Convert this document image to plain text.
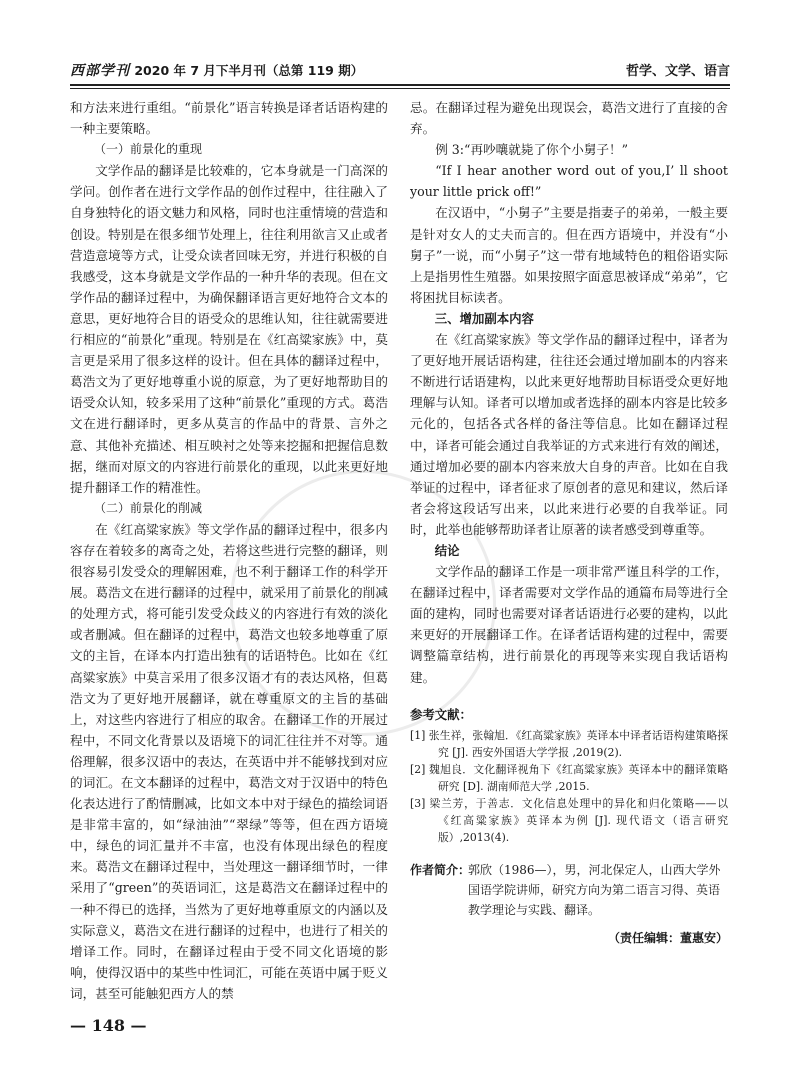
西部学刊 2020 年 7 月下半月刊（总第 119 期）	哲学、文学、语言

和方法来进行重组。“前景化”语言转换是译者话语构建的一种主要策略。

（一）前景化的重现

文学作品的翻译是比较难的，它本身就是一门高深的学问。创作者在进行文学作品的创作过程中，往往融入了自身独特化的语文魅力和风格，同时也注重情境的营造和创设。特别是在很多细节处理上，往往利用欲言又止或者营造意境等方式，让受众读者回味无穷，并进行积极的自我感受，这本身就是文学作品的一种升华的表现。但在文学作品的翻译过程中，为确保翻译语言更好地符合文本的意思，更好地符合目的语受众的思维认知，往往就需要进行相应的“前景化”重现。特别是在《红高粱家族》中，莫言更是采用了很多这样的设计。但在具体的翻译过程中，葛浩文为了更好地尊重小说的原意，为了更好地帮助目的语受众认知，较多采用了这种“前景化”重现的方式。葛浩文在进行翻译时，更多从莫言的作品中的背景、言外之意、其他补充描述、相互映衬之处等来挖掘和把握信息数据，继而对原文的内容进行前景化的重现，以此来更好地提升翻译工作的精准性。

（二）前景化的削减

在《红高粱家族》等文学作品的翻译过程中，很多内容存在着较多的离奇之处，若将这些进行完整的翻译，则很容易引发受众的理解困难，也不利于翻译工作的科学开展。葛浩文在进行翻译的过程中，就采用了前景化的削减的处理方式，将可能引发受众歧义的内容进行有效的淡化或者删减。但在翻译的过程中，葛浩文也较多地尊重了原文的主旨，在译本内打造出独有的话语特色。比如在《红高粱家族》中莫言采用了很多汉语才有的表达风格，但葛浩文为了更好地开展翻译，就在尊重原文的主旨的基础上，对这些内容进行了相应的取舍。在翻译工作的开展过程中，不同文化背景以及语境下的词汇往往并不对等。通俗理解，很多汉语中的表达，在英语中并不能够找到对应的词汇。在文本翻译的过程中，葛浩文对于汉语中的特色化表达进行了酌情删减，比如文本中对于绿色的描绘词语是非常丰富的，如“绿油油”“翠绿”等等，但在西方语境中，绿色的词汇量并不丰富，也没有体现出绿色的程度来。葛浩文在翻译过程中，当处理这一翻译细节时，一律采用了“green”的英语词汇，这是葛浩文在翻译过程中的一种不得已的选择，当然为了更好地尊重原文的内涵以及实际意义，葛浩文在进行翻译的过程中，也进行了相关的增译工作。同时，在翻译过程由于受不同文化语境的影响，使得汉语中的某些中性词汇，可能在英语中属于贬义词，甚至可能触犯西方人的禁

忌。在翻译过程为避免出现误会，葛浩文进行了直接的舍弃。

例 3:“再吵嚷就毙了你个小舅子！”

“If I hear another word out of you,I’ ll shoot your little prick off!”

在汉语中，“小舅子”主要是指妻子的弟弟，一般主要是针对女人的丈夫而言的。但在西方语境中，并没有“小舅子”一说，而“小舅子”这一带有地域特色的粗俗语实际上是指男性生殖器。如果按照字面意思被译成“弟弟”，它将困扰目标读者。

三、增加副本内容

在《红高粱家族》等文学作品的翻译过程中，译者为了更好地开展话语构建，往往还会通过增加副本的内容来不断进行话语建构，以此来更好地帮助目标语受众更好地理解与认知。译者可以增加或者选择的副本内容是比较多元化的，包括各式各样的备注等信息。比如在翻译过程中，译者可能会通过自我举证的方式来进行有效的阐述，通过增加必要的副本内容来放大自身的声音。比如在自我举证的过程中，译者征求了原创者的意见和建议，然后译者会将这段话写出来，以此来进行必要的自我举证。同时，此举也能够帮助译者让原著的读者感受到尊重等。

结论

文学作品的翻译工作是一项非常严谨且科学的工作，在翻译过程中，译者需要对文学作品的通篇布局等进行全面的建构，同时也需要对译者话语进行必要的建构，以此来更好的开展翻译工作。在译者话语构建的过程中，需要调整篇章结构，进行前景化的再现等来实现自我话语构建。

参考文献：

[1] 张生祥，张翰旭．《红高粱家族》英译本中译者话语构建策略探究 [J]. 西安外国语大学学报 ,2019(2).

[2] 魏旭良．文化翻译视角下《红高粱家族》英译本中的翻译策略研究 [D]. 湖南师范大学 ,2015.

[3] 梁兰芳，于善志．文化信息处理中的异化和归化策略——以《红高粱家族》英译本为例 [J]. 现代语文（语言研究版）,2013(4).

作者简介：
郭欣（1986—），男，河北保定人，山西大学外国语学院讲师，研究方向为第二语言习得、英语教学理论与实践、翻译。
（责任编辑：董惠安）
— 148 —
